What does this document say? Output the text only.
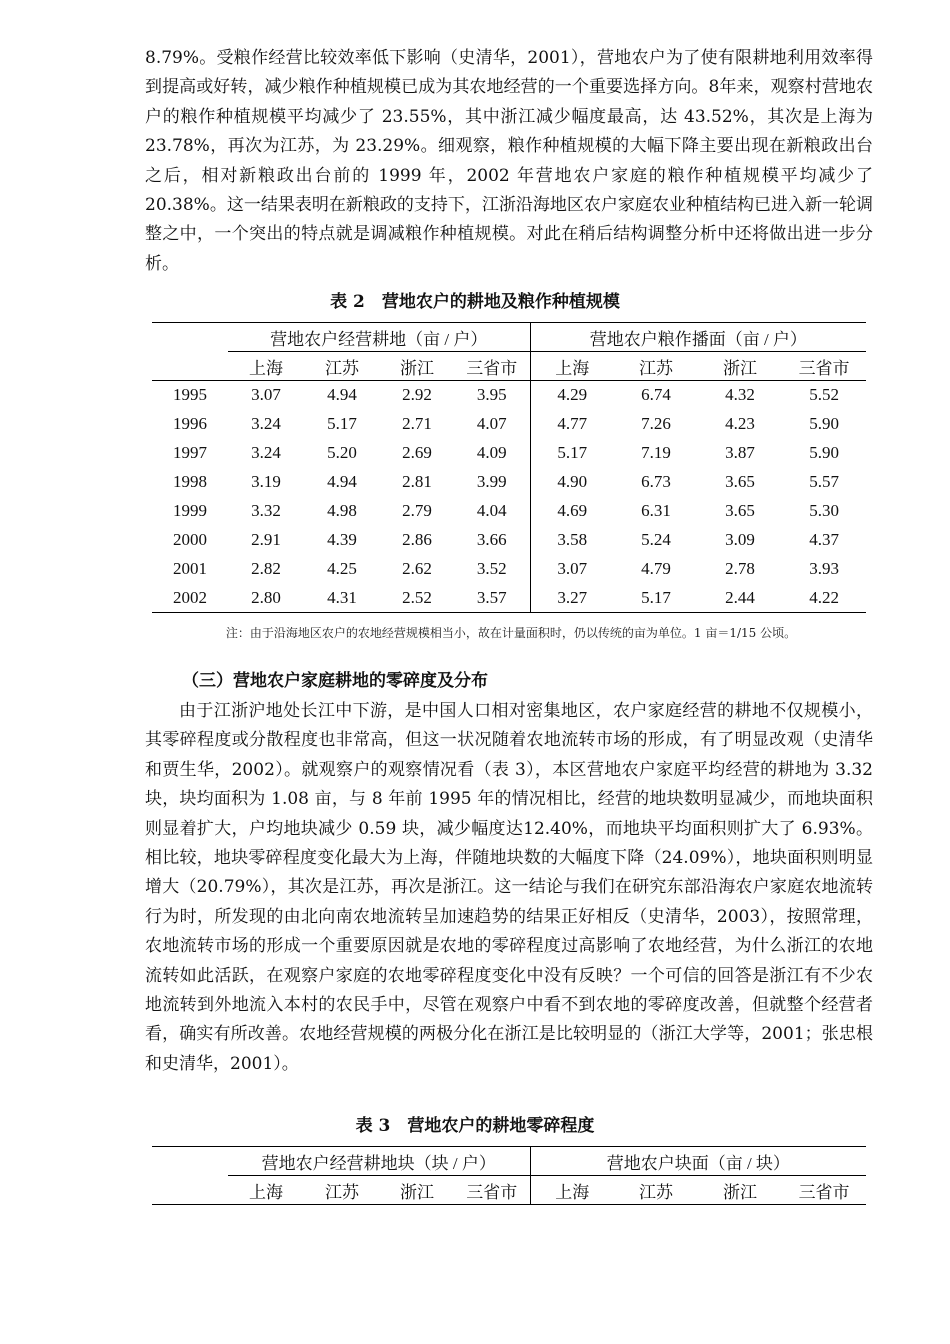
8.79%。受粮作经营比较效率低下影响（史清华，2001），营地农户为了使有限耕地利用效率得到提高或好转，减少粮作种植规模已成为其农地经营的一个重要选择方向。8年来，观察村营地农户的粮作种植规模平均减少了 23.55%，其中浙江减少幅度最高，达 43.52%，其次是上海为 23.78%，再次为江苏，为 23.29%。细观察，粮作种植规模的大幅下降主要出现在新粮政出台之后，相对新粮政出台前的 1999 年，2002 年营地农户家庭的粮作种植规模平均减少了 20.38%。这一结果表明在新粮政的支持下，江浙沿海地区农户家庭农业种植结构已进入新一轮调整之中，一个突出的特点就是调减粮作种植规模。对此在稍后结构调整分析中还将做出进一步分析。

表 2　营地农户的耕地及粮作种植规模

	营地农户经营耕地（亩 / 户）				营地农户粮作播面（亩 / 户）			
	上海	江苏	浙江	三省市	上海	江苏	浙江	三省市
1995	3.07	4.94	2.92	3.95	4.29	6.74	4.32	5.52
1996	3.24	5.17	2.71	4.07	4.77	7.26	4.23	5.90
1997	3.24	5.20	2.69	4.09	5.17	7.19	3.87	5.90
1998	3.19	4.94	2.81	3.99	4.90	6.73	3.65	5.57
1999	3.32	4.98	2.79	4.04	4.69	6.31	3.65	5.30
2000	2.91	4.39	2.86	3.66	3.58	5.24	3.09	4.37
2001	2.82	4.25	2.62	3.52	3.07	4.79	2.78	3.93
2002	2.80	4.31	2.52	3.57	3.27	5.17	2.44	4.22

注：由于沿海地区农户的农地经营规模相当小，故在计量面积时，仍以传统的亩为单位。1 亩＝1/15 公顷。

（三）营地农户家庭耕地的零碎度及分布

由于江浙沪地处长江中下游，是中国人口相对密集地区，农户家庭经营的耕地不仅规模小，其零碎程度或分散程度也非常高，但这一状况随着农地流转市场的形成，有了明显改观（史清华和贾生华，2002）。就观察户的观察情况看（表 3），本区营地农户家庭平均经营的耕地为 3.32 块，块均面积为 1.08 亩，与 8 年前 1995 年的情况相比，经营的地块数明显减少，而地块面积则显着扩大，户均地块减少 0.59 块，减少幅度达12.40%，而地块平均面积则扩大了 6.93%。相比较，地块零碎程度变化最大为上海，伴随地块数的大幅度下降（24.09%），地块面积则明显增大（20.79%），其次是江苏，再次是浙江。这一结论与我们在研究东部沿海农户家庭农地流转行为时，所发现的由北向南农地流转呈加速趋势的结果正好相反（史清华，2003），按照常理，农地流转市场的形成一个重要原因就是农地的零碎程度过高影响了农地经营，为什么浙江的农地流转如此活跃，在观察户家庭的农地零碎程度变化中没有反映？一个可信的回答是浙江有不少农地流转到外地流入本村的农民手中，尽管在观察户中看不到农地的零碎度改善，但就整个经营者看，确实有所改善。农地经营规模的两极分化在浙江是比较明显的（浙江大学等，2001；张忠根和史清华，2001）。

表 3　营地农户的耕地零碎程度

	营地农户经营耕地块（块 / 户）				营地农户块面（亩 / 块）			
	上海	江苏	浙江	三省市	上海	江苏	浙江	三省市
